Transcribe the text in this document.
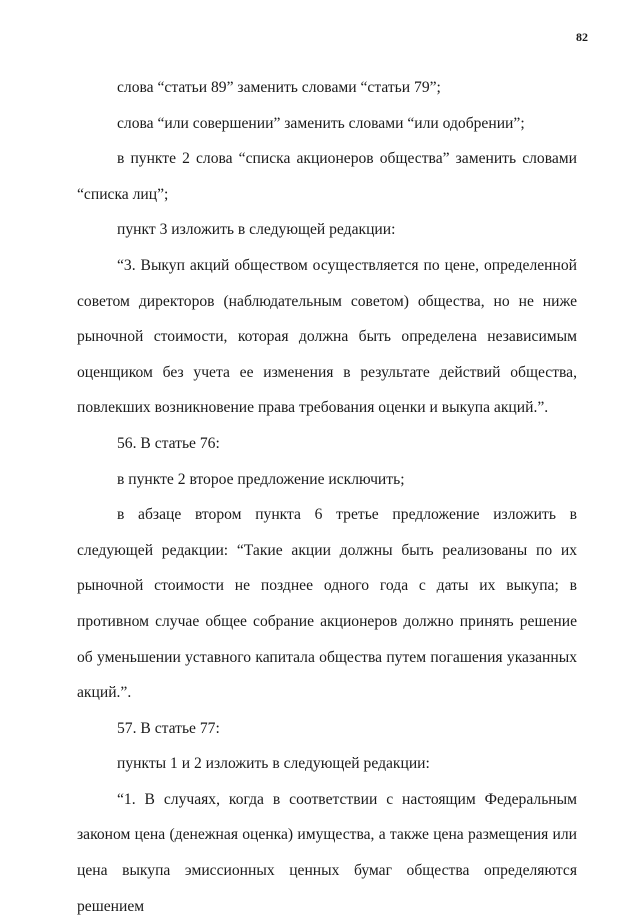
82

слова “статьи 89” заменить словами “статьи 79”;

слова “или совершении” заменить словами “или одобрении”;

в пункте 2 слова “списка акционеров общества” заменить словами “списка лиц”;

пункт 3 изложить в следующей редакции:

“3. Выкуп акций обществом осуществляется по цене, определенной советом директоров (наблюдательным советом) общества, но не ниже рыночной стоимости, которая должна быть определена независимым оценщиком без учета ее изменения в результате действий общества, повлекших возникновение права требования оценки и выкупа акций.”.

56. В статье 76:

в пункте 2 второе предложение исключить;

в абзаце втором пункта 6 третье предложение изложить в следующей редакции: “Такие акции должны быть реализованы по их рыночной стоимости не позднее одного года с даты их выкупа; в противном случае общее собрание акционеров должно принять решение об уменьшении уставного капитала общества путем погашения указанных акций.”.

57. В статье 77:

пункты 1 и 2 изложить в следующей редакции:

“1. В случаях, когда в соответствии с настоящим Федеральным законом цена (денежная оценка) имущества, а также цена размещения или цена выкупа эмиссионных ценных бумаг общества определяются решением
